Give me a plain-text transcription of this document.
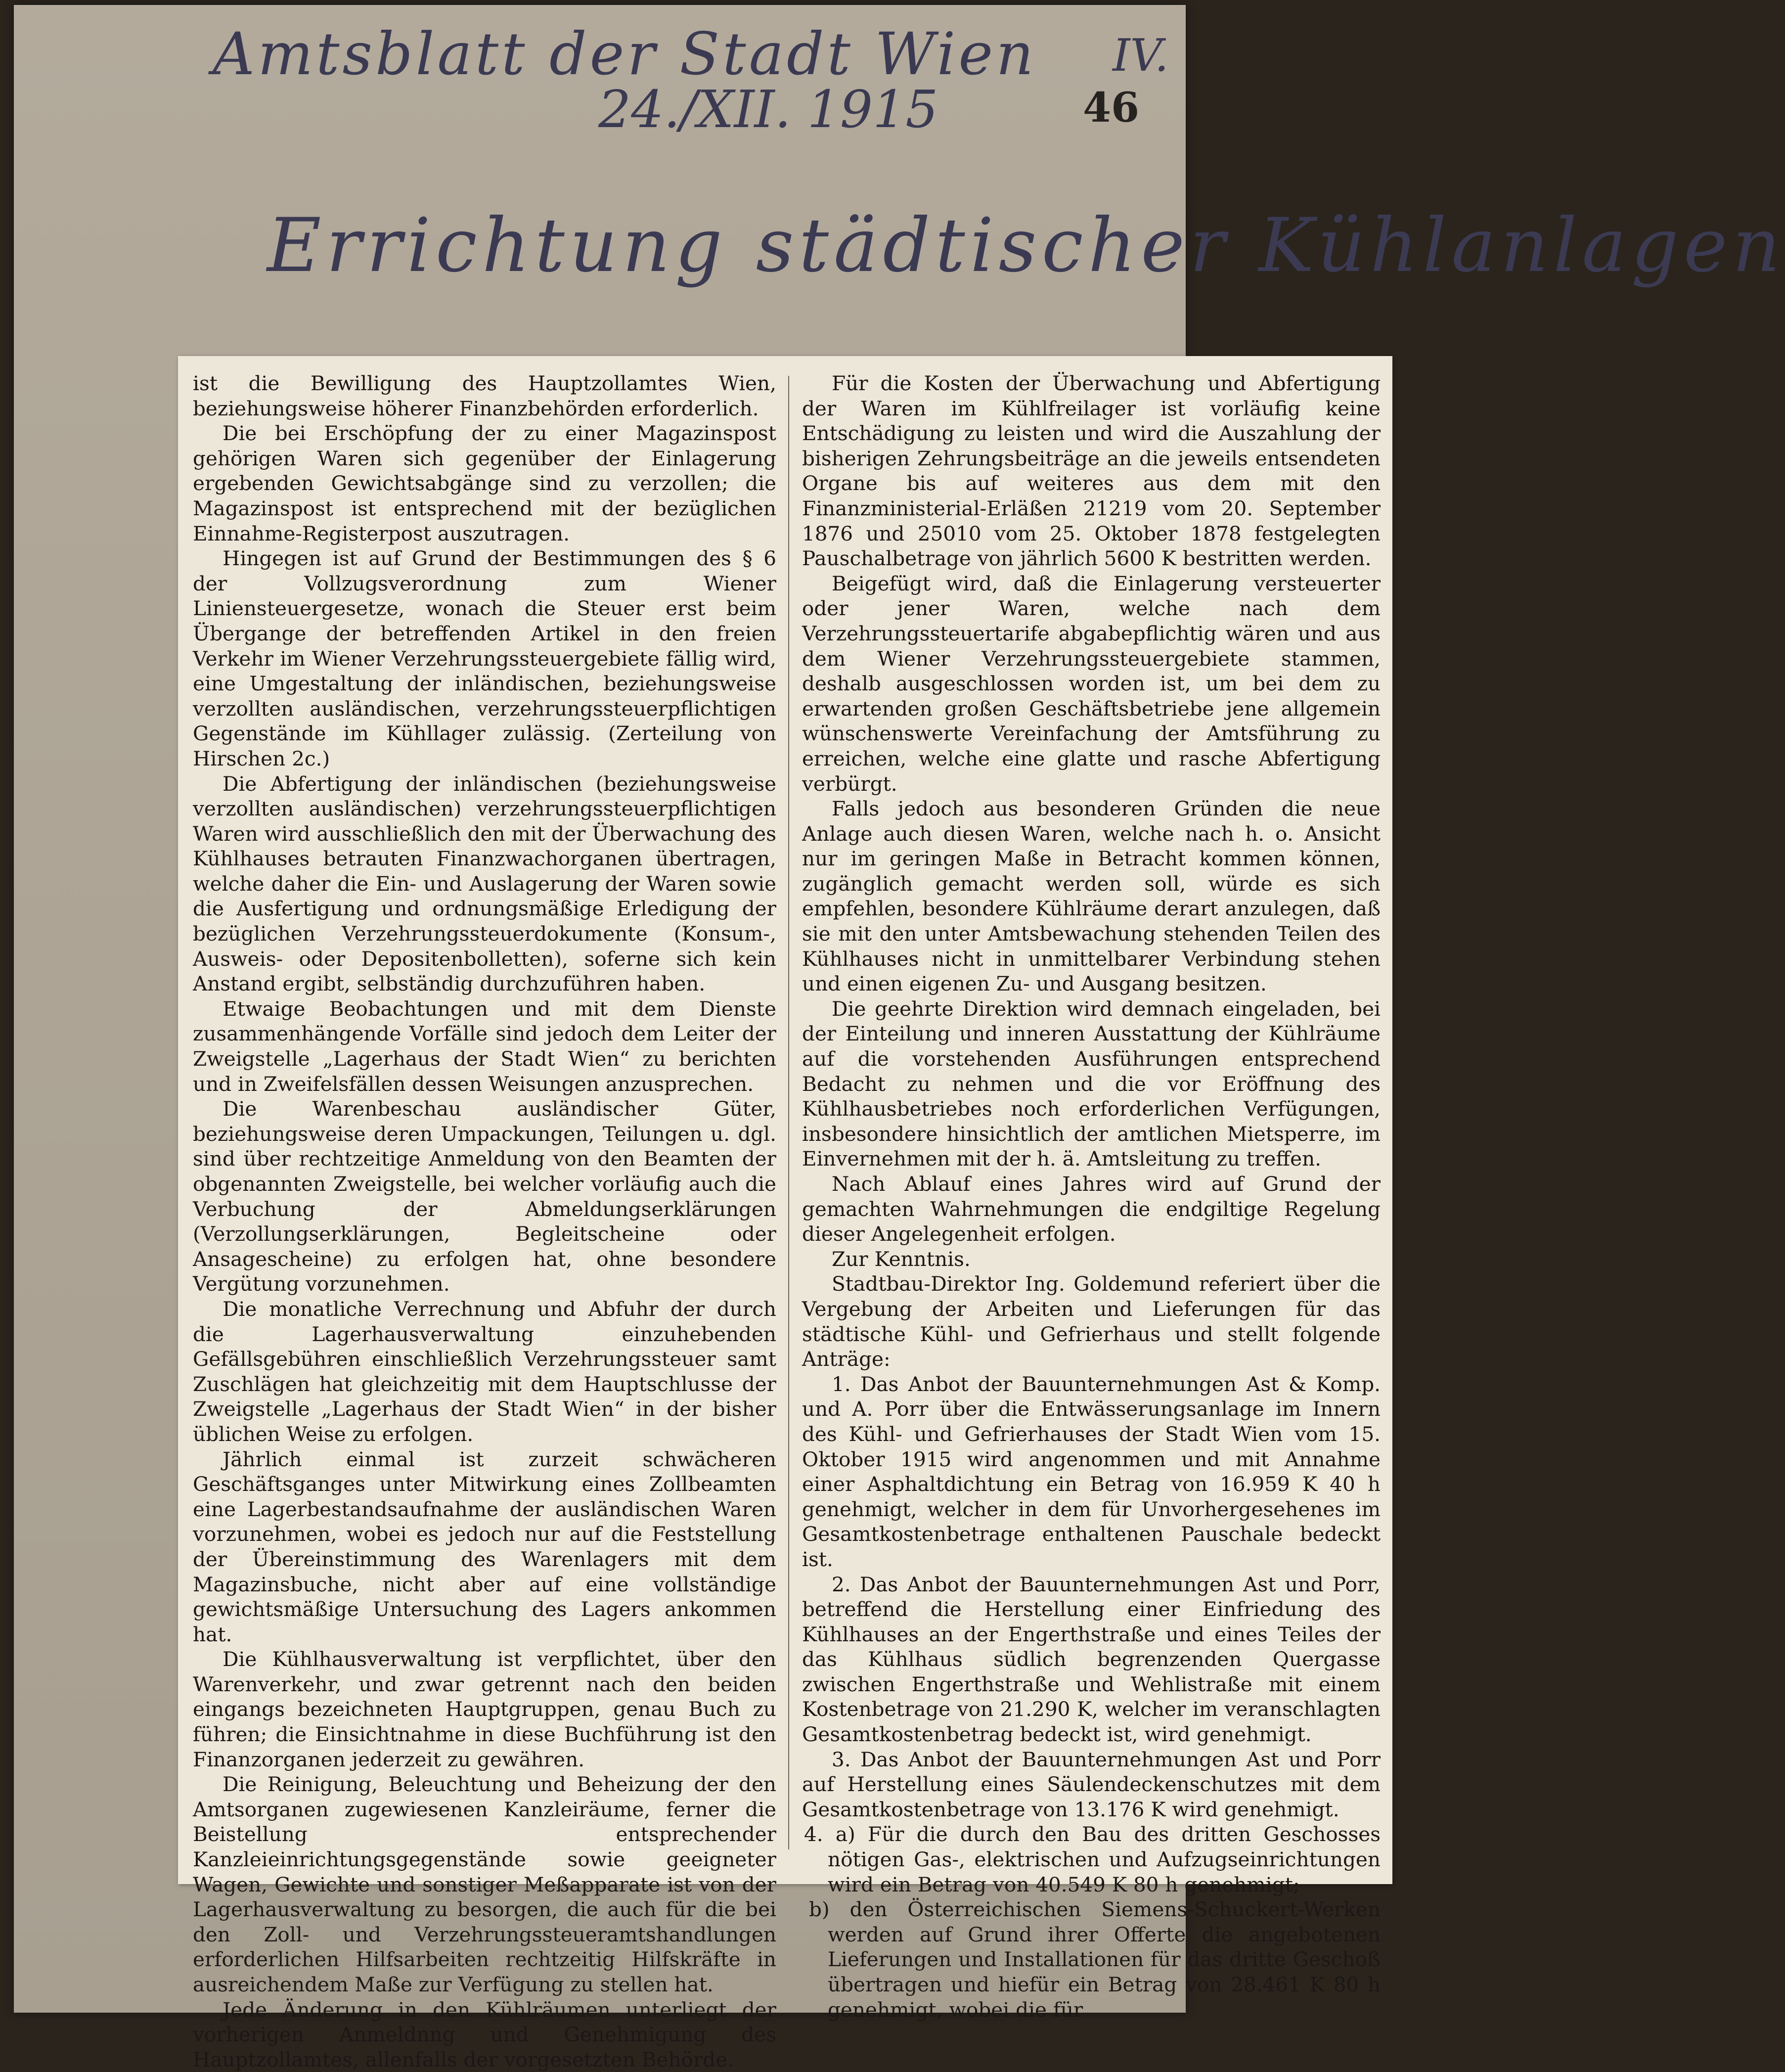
Amtsblatt der Stadt Wien IV.
24./XII. 1915	46
Errichtung städtischer Kühlanlagen

ist die Bewilligung des Hauptzollamtes Wien, beziehungsweise höherer Finanzbehörden erforderlich.

Die bei Erschöpfung der zu einer Magazinspost gehörigen Waren sich gegenüber der Einlagerung ergebenden Gewichtsabgänge sind zu verzollen; die Magazinspost ist entsprechend mit der bezüglichen Einnahme-Registerpost auszutragen.

Hingegen ist auf Grund der Bestimmungen des § 6 der Vollzugsverordnung zum Wiener Liniensteuergesetze, wonach die Steuer erst beim Übergange der betreffenden Artikel in den freien Verkehr im Wiener Verzehrungssteuergebiete fällig wird, eine Umgestaltung der inländischen, beziehungsweise verzollten ausländischen, verzehrungssteuerpflichtigen Gegenstände im Kühllager zulässig. (Zerteilung von Hirschen 2c.)

Die Abfertigung der inländischen (beziehungsweise verzollten ausländischen) verzehrungssteuerpflichtigen Waren wird ausschließlich den mit der Überwachung des Kühlhauses betrauten Finanzwachorganen übertragen, welche daher die Ein- und Auslagerung der Waren sowie die Ausfertigung und ordnungsmäßige Erledigung der bezüglichen Verzehrungssteuerdokumente (Konsum-, Ausweis- oder Depositenbolletten), soferne sich kein Anstand ergibt, selbständig durchzuführen haben.

Etwaige Beobachtungen und mit dem Dienste zusammenhängende Vorfälle sind jedoch dem Leiter der Zweigstelle „Lagerhaus der Stadt Wien“ zu berichten und in Zweifelsfällen dessen Weisungen anzusprechen.

Die Warenbeschau ausländischer Güter, beziehungsweise deren Umpackungen, Teilungen u. dgl. sind über rechtzeitige Anmeldung von den Beamten der obgenannten Zweigstelle, bei welcher vorläufig auch die Verbuchung der Abmeldungserklärungen (Verzollungserklärungen, Begleitscheine oder Ansagescheine) zu erfolgen hat, ohne besondere Vergütung vorzunehmen.

Die monatliche Verrechnung und Abfuhr der durch die Lagerhausverwaltung einzuhebenden Gefällsgebühren einschließlich Verzehrungssteuer samt Zuschlägen hat gleichzeitig mit dem Hauptschlusse der Zweigstelle „Lagerhaus der Stadt Wien“ in der bisher üblichen Weise zu erfolgen.

Jährlich einmal ist zurzeit schwächeren Geschäftsganges unter Mitwirkung eines Zollbeamten eine Lagerbestandsaufnahme der ausländischen Waren vorzunehmen, wobei es jedoch nur auf die Feststellung der Übereinstimmung des Warenlagers mit dem Magazinsbuche, nicht aber auf eine vollständige gewichtsmäßige Untersuchung des Lagers ankommen hat.

Die Kühlhausverwaltung ist verpflichtet, über den Warenverkehr, und zwar getrennt nach den beiden eingangs bezeichneten Hauptgruppen, genau Buch zu führen; die Einsichtnahme in diese Buchführung ist den Finanzorganen jederzeit zu gewähren.

Die Reinigung, Beleuchtung und Beheizung der den Amtsorganen zugewiesenen Kanzleiräume, ferner die Beistellung entsprechender Kanzleieinrichtungsgegenstände sowie geeigneter Wagen, Gewichte und sonstiger Meßapparate ist von der Lagerhausverwaltung zu besorgen, die auch für die bei den Zoll- und Verzehrungssteueramtshandlungen erforderlichen Hilfsarbeiten rechtzeitig Hilfskräfte in ausreichendem Maße zur Verfügung zu stellen hat.

Jede Änderung in den Kühlräumen unterliegt der vorherigen Anmeldnng und Genehmigung des Hauptzollamtes, allenfalls der vorgesetzten Behörde.

Für die Kosten der Überwachung und Abfertigung der Waren im Kühlfreilager ist vorläufig keine Entschädigung zu leisten und wird die Auszahlung der bisherigen Zehrungsbeiträge an die jeweils entsendeten Organe bis auf weiteres aus dem mit den Finanzministerial-Erläßen 21219 vom 20. September 1876 und 25010 vom 25. Oktober 1878 festgelegten Pauschalbetrage von jährlich 5600 K bestritten werden.

Beigefügt wird, daß die Einlagerung versteuerter oder jener Waren, welche nach dem Verzehrungssteuertarife abgabepflichtig wären und aus dem Wiener Verzehrungssteuergebiete stammen, deshalb ausgeschlossen worden ist, um bei dem zu erwartenden großen Geschäftsbetriebe jene allgemein wünschenswerte Vereinfachung der Amtsführung zu erreichen, welche eine glatte und rasche Abfertigung verbürgt.

Falls jedoch aus besonderen Gründen die neue Anlage auch diesen Waren, welche nach h. o. Ansicht nur im geringen Maße in Betracht kommen können, zugänglich gemacht werden soll, würde es sich empfehlen, besondere Kühlräume derart anzulegen, daß sie mit den unter Amtsbewachung stehenden Teilen des Kühlhauses nicht in unmittelbarer Verbindung stehen und einen eigenen Zu- und Ausgang besitzen.

Die geehrte Direktion wird demnach eingeladen, bei der Einteilung und inneren Ausstattung der Kühlräume auf die vorstehenden Ausführungen entsprechend Bedacht zu nehmen und die vor Eröffnung des Kühlhausbetriebes noch erforderlichen Verfügungen, insbesondere hinsichtlich der amtlichen Mietsperre, im Einvernehmen mit der h. ä. Amtsleitung zu treffen.

Nach Ablauf eines Jahres wird auf Grund der gemachten Wahrnehmungen die endgiltige Regelung dieser Angelegenheit erfolgen.

Zur Kenntnis.

Stadtbau-Direktor Ing. Goldemund referiert über die Vergebung der Arbeiten und Lieferungen für das städtische Kühl- und Gefrierhaus und stellt folgende Anträge:

1. Das Anbot der Bauunternehmungen Ast & Komp. und A. Porr über die Entwässerungsanlage im Innern des Kühl- und Gefrierhauses der Stadt Wien vom 15. Oktober 1915 wird angenommen und mit Annahme einer Asphaltdichtung ein Betrag von 16.959 K 40 h genehmigt, welcher in dem für Unvorhergesehenes im Gesamtkostenbetrage enthaltenen Pauschale bedeckt ist.

2. Das Anbot der Bauunternehmungen Ast und Porr, betreffend die Herstellung einer Einfriedung des Kühlhauses an der Engerthstraße und eines Teiles der das Kühlhaus südlich begrenzenden Quergasse zwischen Engerthstraße und Wehlistraße mit einem Kostenbetrage von 21.290 K, welcher im veranschlagten Gesamtkostenbetrag bedeckt ist, wird genehmigt.

3. Das Anbot der Bauunternehmungen Ast und Porr auf Herstellung eines Säulendeckenschutzes mit dem Gesamtkostenbetrage von 13.176 K wird genehmigt.

4. a) Für die durch den Bau des dritten Geschosses nötigen Gas-, elektrischen und Aufzugseinrichtungen wird ein Betrag von 40.549 K 80 h genehmigt;

b) den Österreichischen Siemens-Schuckert-Werken werden auf Grund ihrer Offerte die angebotenen Lieferungen und Installationen für das dritte Geschoß übertragen und hiefür ein Betrag von 28.461 K 80 h genehmigt, wobei die für
